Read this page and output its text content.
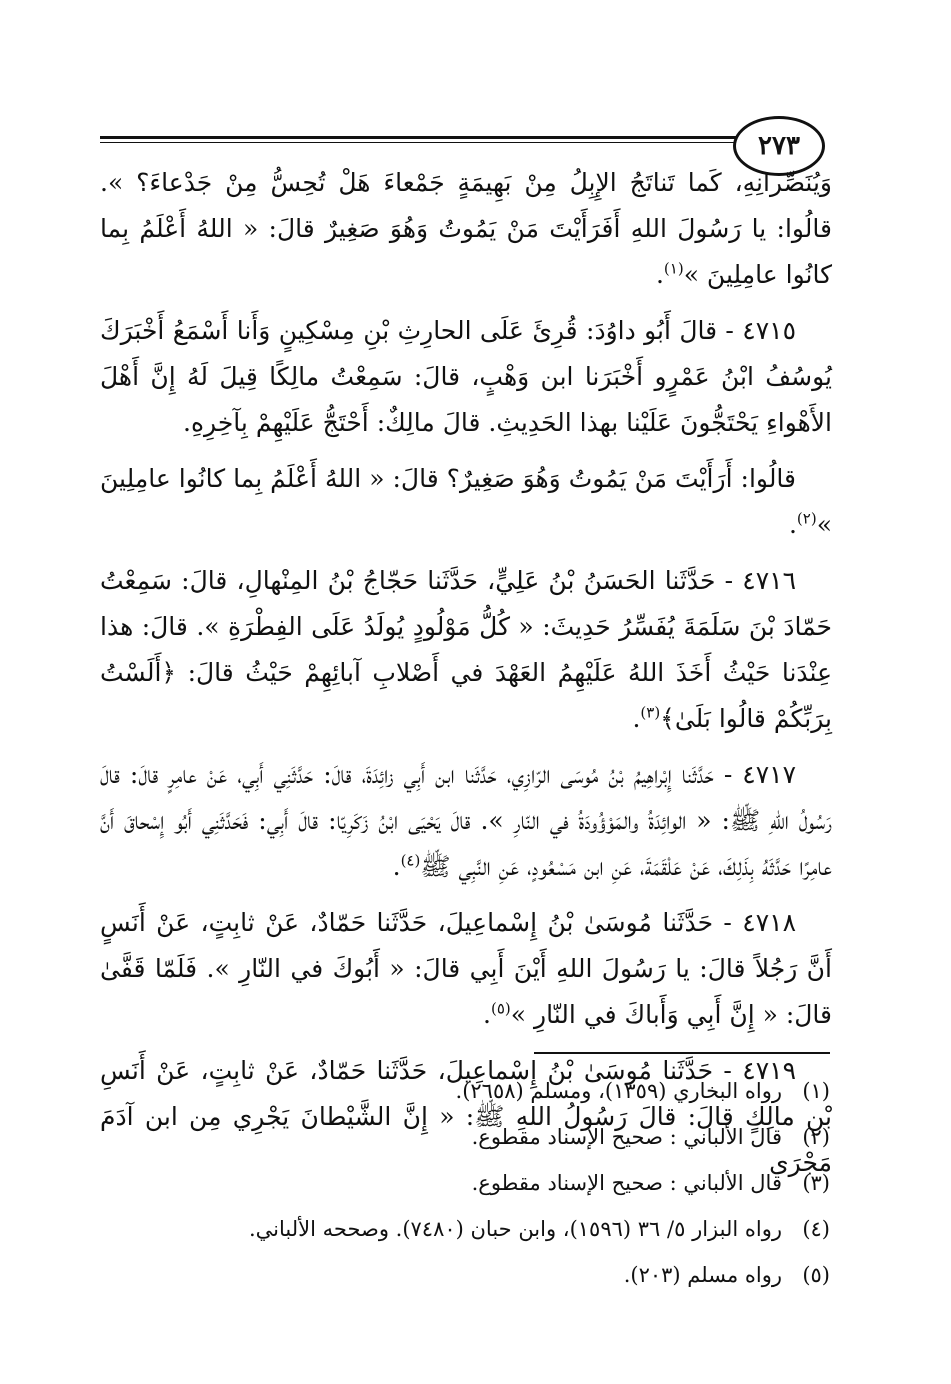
٢٧٣

وَيُنَصِّرانِهِ، كَما تَناتَجُ الإِبِلُ مِنْ بَهِيمَةٍ جَمْعاءَ هَلْ تُحِسُّ مِنْ جَدْعاءَ؟ ». قالُوا: يا رَسُولَ اللهِ أَفَرَأَيْتَ مَنْ يَمُوتُ وَهُوَ صَغِيرٌ قالَ: « اللهُ أَعْلَمُ بِما كانُوا عامِلِينَ »$^{(١)}$.

٤٧١٥ - قالَ أَبُو داوُدَ: قُرِئَ عَلَى الحارِثِ بْنِ مِسْكِينٍ وَأَنا أَسْمَعُ أَخْبَرَكَ يُوسُفُ ابْنُ عَمْرٍو أَخْبَرَنا ابن وَهْبٍ، قالَ: سَمِعْتُ مالِكًا قِيلَ لَهُ إِنَّ أَهْلَ الأَهْواءِ يَحْتَجُّونَ عَلَيْنا بهذا الحَدِيثِ. قالَ مالِكٌ: أَحْتَجُّ عَلَيْهِمْ بِآخِرِهِ.

قالُوا: أَرَأَيْتَ مَنْ يَمُوتُ وَهُوَ صَغِيرٌ؟ قالَ: « اللهُ أَعْلَمُ بِما كانُوا عامِلِينَ »$^{(٢)}$.

٤٧١٦ - حَدَّثَنا الحَسَنُ بْنُ عَلِيٍّ، حَدَّثَنا حَجّاجُ بْنُ المِنْهالِ، قالَ: سَمِعْتُ حَمّادَ بْنَ سَلَمَةَ يُفَسِّرُ حَدِيثَ: « كُلُّ مَوْلُودٍ يُولَدُ عَلَى الفِطْرَةِ ». قالَ: هذا عِنْدَنا حَيْثُ أَخَذَ اللهُ عَلَيْهِمُ العَهْدَ في أَصْلابِ آبائِهِمْ حَيْثُ قالَ: ﴿أَلَسْتُ بِرَبِّكُمْ قالُوا بَلَىٰ﴾$^{(٣)}$.

٤٧١٧ - حَدَّثَنا إِبْراهِيمُ بْنُ مُوسَى الرّازِي، حَدَّثَنا ابن أَبِي زائِدَةَ، قالَ: حَدَّثَنِي أَبِي، عَنْ عامِرٍ قالَ: قالَ رَسُولُ اللهِ ﷺ: « الوائِدَةُ والمَوْؤُودَةُ في النّارِ ». قالَ يَحْيَى ابْنُ زَكَرِيّا: قالَ أَبِي: فَحَدَّثَنِي أَبُو إِسْحاقَ أَنَّ عامِرًا حَدَّثَهُ بِذَلِكَ، عَنْ عَلْقَمَةَ، عَنِ ابن مَسْعُودٍ، عَنِ النَّبِي ﷺ$^{(٤)}$.

٤٧١٨ - حَدَّثَنا مُوسَىٰ بْنُ إِسْماعِيلَ، حَدَّثَنا حَمّادٌ، عَنْ ثابِتٍ، عَنْ أَنَسٍ أَنَّ رَجُلاً قالَ: يا رَسُولَ اللهِ أَيْنَ أَبِي قالَ: « أَبُوكَ في النّارِ ». فَلَمّا قَفَّىٰ قالَ: « إِنَّ أَبِي وَأَباكَ في النّارِ »$^{(٥)}$.

٤٧١٩ - حَدَّثَنا مُوسَىٰ بْنُ إِسْماعِيلَ، حَدَّثَنا حَمّادٌ، عَنْ ثابِتٍ، عَنْ أَنَسِ بْنِ مالِكٍ قالَ: قالَ رَسُولُ اللهِ ﷺ: « إِنَّ الشَّيْطانَ يَجْرِي مِن ابن آدَمَ مَجْرَى

(١)رواه البخاري (١٣٥٩)، ومسلم (٢٦٥٨).

(٢)قال الألباني : صحيح الإسناد مقطوع.

(٣)قال الألباني : صحيح الإسناد مقطوع.

(٤)رواه البزار ٥/ ٣٦ (١٥٩٦)، وابن حبان (٧٤٨٠). وصححه الألباني.

(٥)رواه مسلم (٢٠٣).
